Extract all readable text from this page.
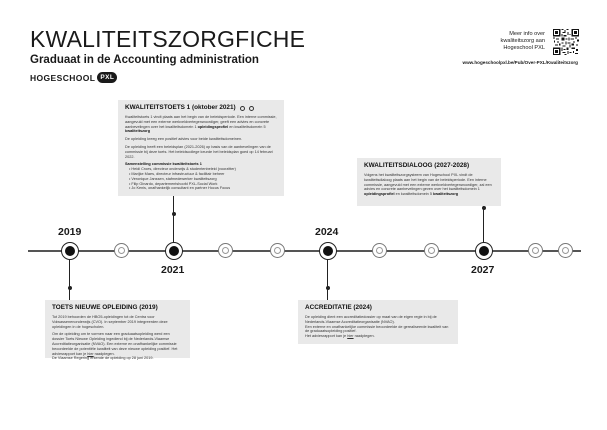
KWALITEITSZORGFICHE
Graduaat in de Accounting administration
HOGESCHOOL PXL
Meer info over
kwaliteitszorg aan
Hogeschool PXL
www.hogeschoolpxl.be/Pub/Over-PXL/Kwaliteitszorg
KWALITEITSTOETS 1 (oktober 2021)

Kwaliteitstoets 1 vindt plaats aan het begin van de beleidsperiode. Een interne commissie, aangevuld met een externe werkveldvertegenwoordiger, geeft een advies en concrete aanbevelingen over het kwaliteitsdomein 1 opleidingsprofiel en kwaliteitsdomein 5 kwaliteitszorg

De opleiding kreeg een positief advies voor beide kwaliteitsdomeinen.

De opleiding heeft een beleidsplan (2021-2026) op basis van de aanbevelingen van de commissie bij deze toets. Het beleidscollege keurde het beleidsplan goed op 14 februari 2022.

Samenstelling commissie kwaliteitstoets 1
• Heidi Croes, directeur onderwijs & studentenbeleid (voorzitter)
• Marijke Maes, directeur infrastructuur & facilitair beheer
• Veronique Janssen, stafmedewerker kwaliteitszorg
• Filip Ginardo, departementshoofd PXL-Social Work
• Jo Kenis, onafhankelijk consultant en partner Hocus Focus
KWALITEITSDIALOOG (2027-2028)

Volgens het kwaliteitszorgsysteem van Hogeschool PXL vindt de kwaliteitsdialoog plaats aan het begin van de beleidsperiode. Een interne commissie, aangevuld met een externe werkveldvertegenwoordiger, zal een advies en concrete aanbevelingen geven over het kwaliteitsdomein 1 opleidingsprofiel en kwaliteitsdomein 5 kwaliteitszorg

TOETS NIEUWE OPLEIDING (2019)

Tot 2019 behoorden de HBO5-opleidingen tot de Centra voor Volwassenenonderwijs (CVO). In september 2019 integreerden deze opleidingen in de hogescholen.

Om de opleiding om te vormen naar een graduaatsopleiding werd een dossier Toets Nieuwe Opleiding ingediend bij de Nederlands-Vlaamse Accreditatieorganisatie (NVAO). Een externe en onafhankelijke commissie beoordeelde de potentiële kwaliteit van deze nieuwe opleiding positief. Het adviesrapport kan je hier raadplegen.
De Vlaamse Regering erkende de opleiding op 28 juni 2019.

ACCREDITATIE (2024)

De opleiding dient een accreditatiedossier op maat van de eigen regie in bij de Nederlands-Vlaamse Accreditatieorganisatie (NVAO).
Een externe en onafhankelijke commissie beoordeelde de gerealiseerde kwaliteit van de graduaatsopleiding positief.
Het adviesrapport kan je hier raadplegen.

2019
2021
2024
2027
